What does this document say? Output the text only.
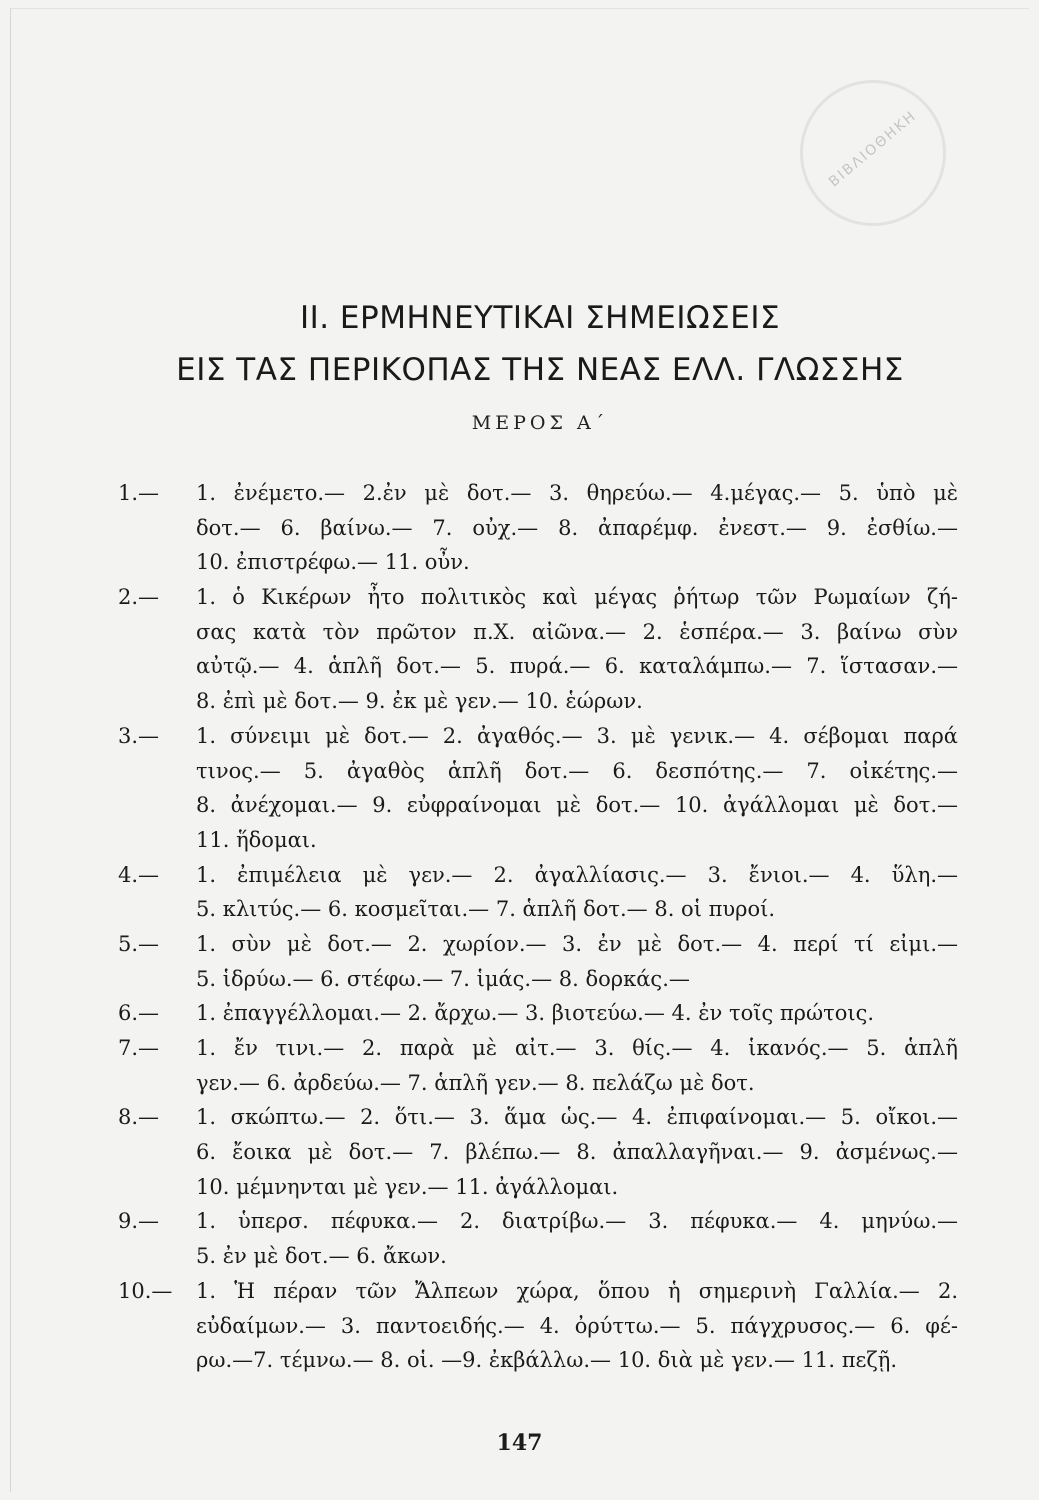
ΒΙΒΛΙΟΘΗΚΗ
II. ΕΡΜΗΝΕΥΤΙΚΑΙ ΣΗΜΕΙΩΣΕΙΣ
ΕΙΣ ΤΑΣ ΠΕΡΙΚΟΠΑΣ ΤΗΣ ΝΕΑΣ ΕΛΛ. ΓΛΩΣΣΗΣ
ΜΕΡΟΣ Α΄
1.— 1. ἐνέμετο.— 2.ἐν μὲ δοτ.— 3. θηρεύω.— 4.μέγας.— 5. ὑπὸ μὲ
δοτ.— 6. βαίνω.— 7. οὐχ.— 8. ἀπαρέμφ. ἐνεστ.— 9. ἐσθίω.—
10. ἐπιστρέφω.— 11. οὖν.
2.— 1. ὁ Κικέρων ἦτο πολιτικὸς καὶ μέγας ῥήτωρ τῶν Ρωμαίων ζή-
σας κατὰ τὸν πρῶτον π.Χ. αἰῶνα.— 2. ἑσπέρα.— 3. βαίνω σὺν
αὐτῷ.— 4. ἁπλῆ δοτ.— 5. πυρά.— 6. καταλάμπω.— 7. ἵστασαν.—
8. ἐπὶ μὲ δοτ.— 9. ἐκ μὲ γεν.— 10. ἑώρων.
3.— 1. σύνειμι μὲ δοτ.— 2. ἀγαθός.— 3. μὲ γενικ.— 4. σέβομαι παρά
τινος.— 5. ἀγαθὸς ἁπλῆ δοτ.— 6. δεσπότης.— 7. οἰκέτης.—
8. ἀνέχομαι.— 9. εὐφραίνομαι μὲ δοτ.— 10. ἀγάλλομαι μὲ δοτ.—
11. ἥδομαι.
4.— 1. ἐπιμέλεια μὲ γεν.— 2. ἀγαλλίασις.— 3. ἔνιοι.— 4. ὕλη.—
5. κλιτύς.— 6. κοσμεῖται.— 7. ἁπλῆ δοτ.— 8. οἱ πυροί.
5.— 1. σὺν μὲ δοτ.— 2. χωρίον.— 3. ἐν μὲ δοτ.— 4. περί τί εἰμι.—
5. ἱδρύω.— 6. στέφω.— 7. ἱμάς.— 8. δορκάς.—
6.— 1. ἐπαγγέλλομαι.— 2. ἄρχω.— 3. βιοτεύω.— 4. ἐν τοῖς πρώτοις.
7.— 1. ἔν τινι.— 2. παρὰ μὲ αἰτ.— 3. θίς.— 4. ἱκανός.— 5. ἁπλῆ
γεν.— 6. ἀρδεύω.— 7. ἁπλῆ γεν.— 8. πελάζω μὲ δοτ.
8.— 1. σκώπτω.— 2. ὅτι.— 3. ἅμα ὡς.— 4. ἐπιφαίνομαι.— 5. οἴκοι.—
6. ἔοικα μὲ δοτ.— 7. βλέπω.— 8. ἀπαλλαγῆναι.— 9. ἀσμένως.—
10. μέμνηνται μὲ γεν.— 11. ἀγάλλομαι.
9.— 1. ὑπερσ. πέφυκα.— 2. διατρίβω.— 3. πέφυκα.— 4. μηνύω.—
5. ἐν μὲ δοτ.— 6. ἄκων.
10.— 1. Ἡ πέραν τῶν Ἄλπεων χώρα, ὅπου ἡ σημερινὴ Γαλλία.— 2.
εὐδαίμων.— 3. παντοειδής.— 4. ὀρύττω.— 5. πάγχρυσος.— 6. φέ-
ρω.—7. τέμνω.— 8. οἱ. —9. ἐκβάλλω.— 10. διὰ μὲ γεν.— 11. πεζῇ.
147
